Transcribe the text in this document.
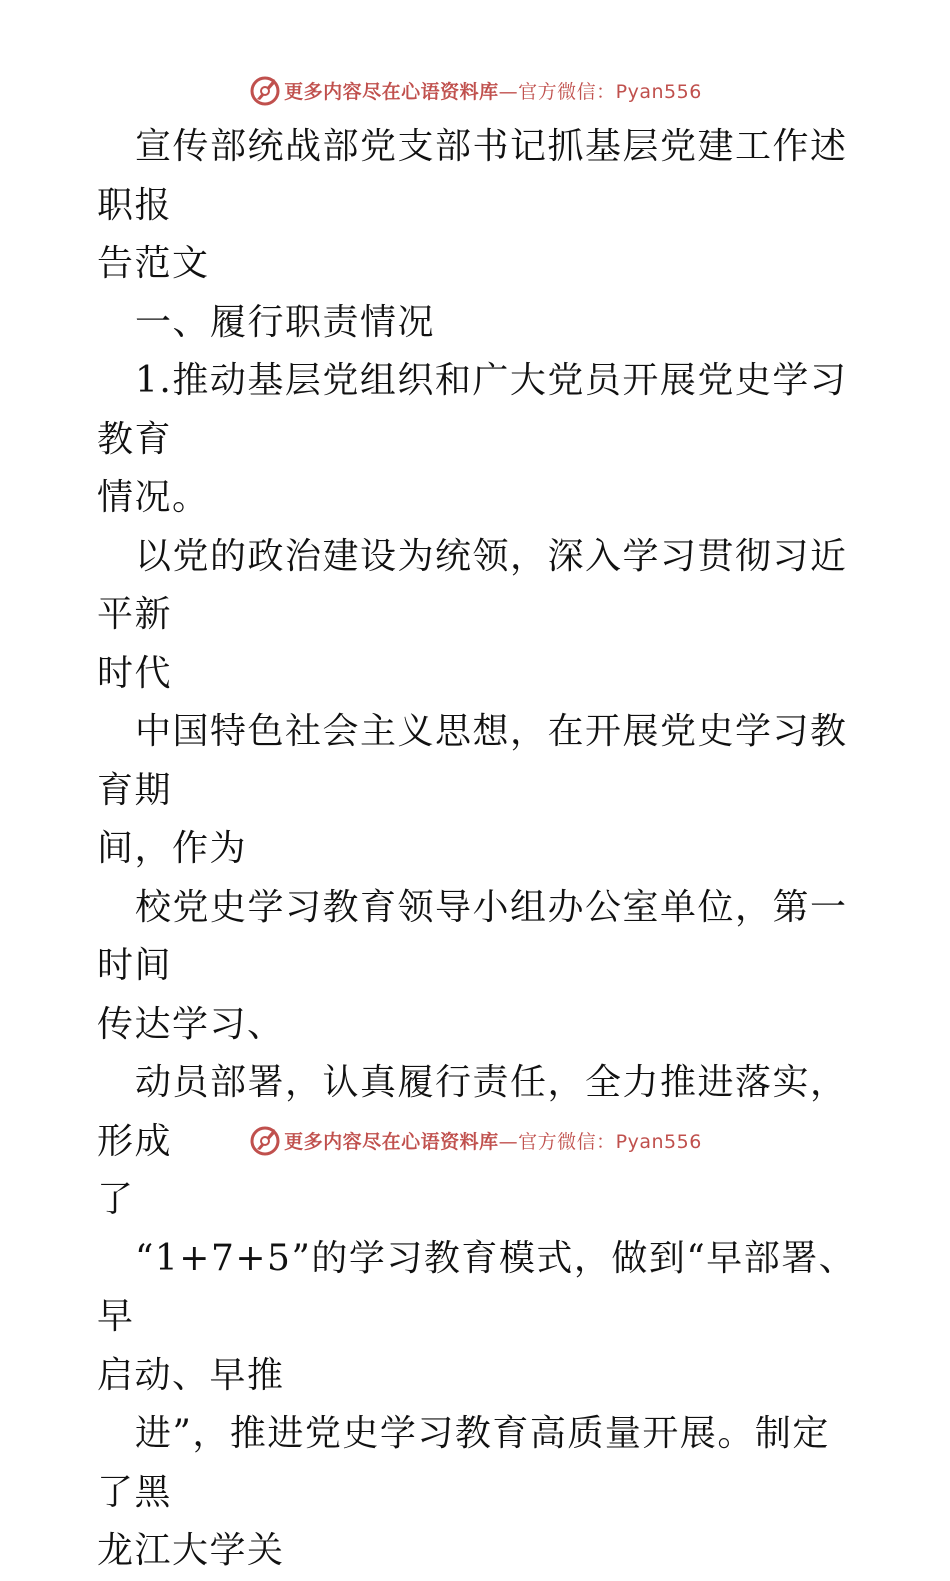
更多内容尽在心语资料库—官方微信：Pyan556

宣传部统战部党支部书记抓基层党建工作述职报
告范文

一、履行职责情况

1.推动基层党组织和广大党员开展党史学习教育
情况。

以党的政治建设为统领，深入学习贯彻习近平新
时代

中国特色社会主义思想，在开展党史学习教育期
间，作为

校党史学习教育领导小组办公室单位，第一时间
传达学习、

动员部署，认真履行责任，全力推进落实，形成
了

“1+7+5”的学习教育模式，做到“早部署、早
启动、早推

进”，推进党史学习教育高质量开展。制定了黑
龙江大学关

更多内容尽在心语资料库—官方微信：Pyan556
